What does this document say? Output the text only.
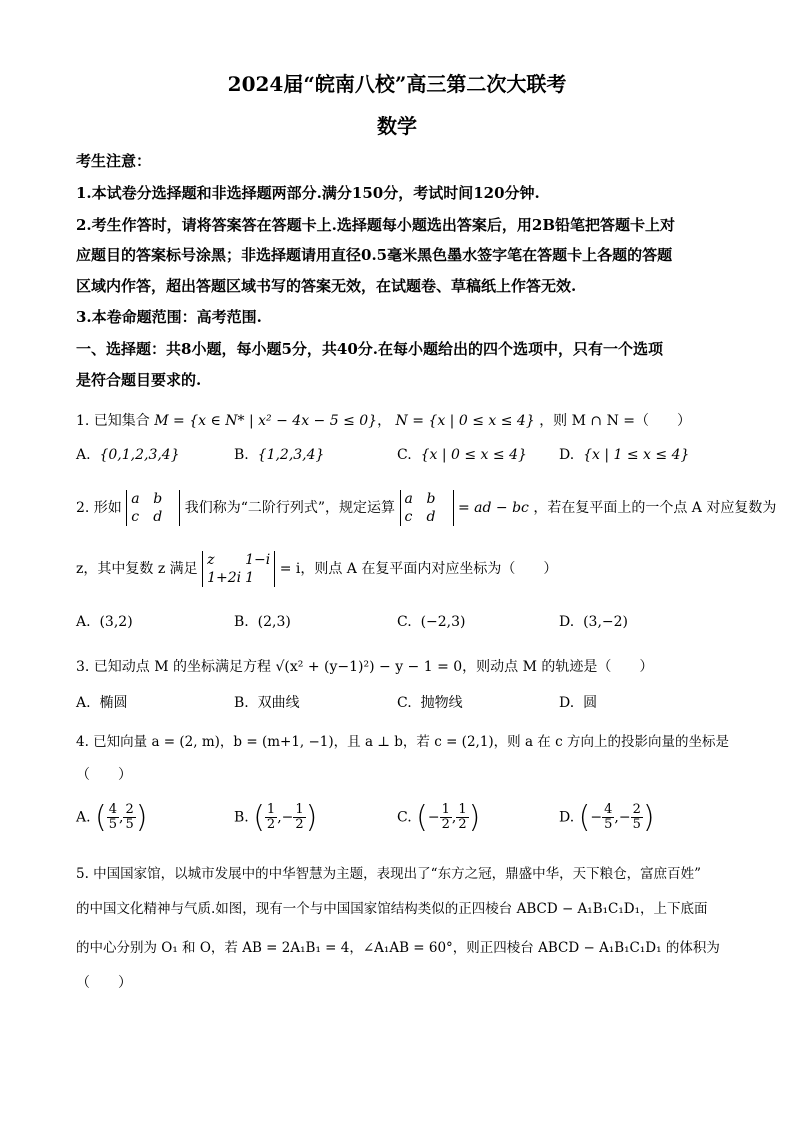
2024届“皖南八校”高三第二次大联考
数学
考生注意：
1.本试卷分选择题和非选择题两部分.满分150分，考试时间120分钟.
2.考生作答时，请将答案答在答题卡上.选择题每小题选出答案后，用2B铅笔把答题卡上对
应题目的答案标号涂黑；非选择题请用直径0.5毫米黑色墨水签字笔在答题卡上各题的答题
区域内作答，超出答题区域书写的答案无效，在试题卷、草稿纸上作答无效.
3.本卷命题范围：高考范围.
一、选择题：共8小题，每小题5分，共40分.在每小题给出的四个选项中，只有一个选项
是符合题目要求的.
1. 已知集合 M = {x ∈ N* | x² − 4x − 5 ≤ 0}， N = {x | 0 ≤ x ≤ 4} ，则 M ∩ N =（　　）
A. {0,1,2,3,4}	B. {1,2,3,4}	C. {x | 0 ≤ x ≤ 4} D. {x | 1 ≤ x ≤ 4}
2. 形如 a b
c d 我们称为“二阶行列式”，规定运算 a b
c d = ad − bc ，若在复平面上的一个点 A 对应复数为
z，其中复数 z 满足 z 1−i
1+2i 1 = i，则点 A 在复平面内对应坐标为（　　）
A. (3,2)	B. (2,3)	C. (−2,3)	D. (3,−2)
3. 已知动点 M 的坐标满足方程 √(x² + (y−1)²) − y − 1 = 0，则动点 M 的轨迹是（　　）
A. 椭圆	B. 双曲线	C. 抛物线	D. 圆
4. 已知向量 a = (2, m)，b = (m+1, −1)，且 a ⊥ b，若 c = (2,1)，则 a 在 c 方向上的投影向量的坐标是
（　　）
A. ( $\frac{4}{5}$ , $\frac{2}{5}$ )	B. ( $\frac{1}{2}$ ,− $\frac{1}{2}$ )	C. (− $\frac{1}{2}$ , $\frac{1}{2}$ )	D. (− $\frac{4}{5}$ ,− $\frac{2}{5}$ )
5. 中国国家馆，以城市发展中的中华智慧为主题，表现出了“东方之冠，鼎盛中华，天下粮仓，富庶百姓”
的中国文化精神与气质.如图，现有一个与中国国家馆结构类似的正四棱台 ABCD − A₁B₁C₁D₁，上下底面
的中心分别为 O₁ 和 O，若 AB = 2A₁B₁ = 4，∠A₁AB = 60°，则正四棱台 ABCD − A₁B₁C₁D₁ 的体积为
（　　）
